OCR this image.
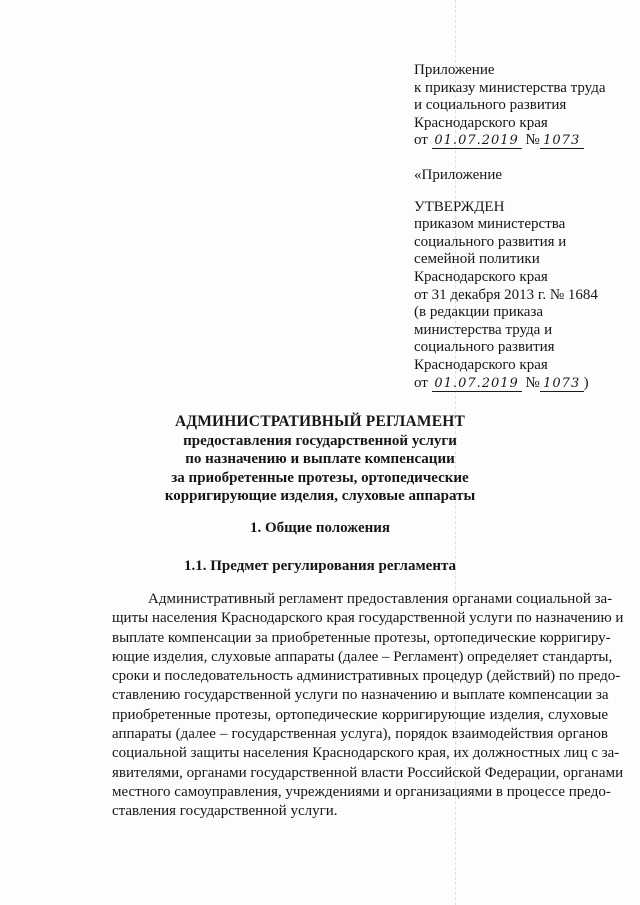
Приложение
к приказу министерства труда
и социального развития
Краснодарского края
от 01.07.2019 № 1073
«Приложение
УТВЕРЖДЕН
приказом министерства
социального развития и
семейной политики
Краснодарского края
от 31 декабря 2013 г. № 1684
(в редакции приказа
министерства труда и
социального развития
Краснодарского края
от 01.07.2019 № 1073 )
АДМИНИСТРАТИВНЫЙ РЕГЛАМЕНТ
предоставления государственной услуги
по назначению и выплате компенсации
за приобретенные протезы, ортопедические
корригирующие изделия, слуховые аппараты
1. Общие положения
1.1. Предмет регулирования регламента
Административный регламент предоставления органами социальной за-
щиты населения Краснодарского края государственной услуги по назначению и
выплате компенсации за приобретенные протезы, ортопедические корригиру-
ющие изделия, слуховые аппараты (далее – Регламент) определяет стандарты,
сроки и последовательность административных процедур (действий) по предо-
ставлению государственной услуги по назначению и выплате компенсации за
приобретенные протезы, ортопедические корригирующие изделия, слуховые
аппараты (далее – государственная услуга), порядок взаимодействия органов
социальной защиты населения Краснодарского края, их должностных лиц с за-
явителями, органами государственной власти Российской Федерации, органами
местного самоуправления, учреждениями и организациями в процессе предо-
ставления государственной услуги.
